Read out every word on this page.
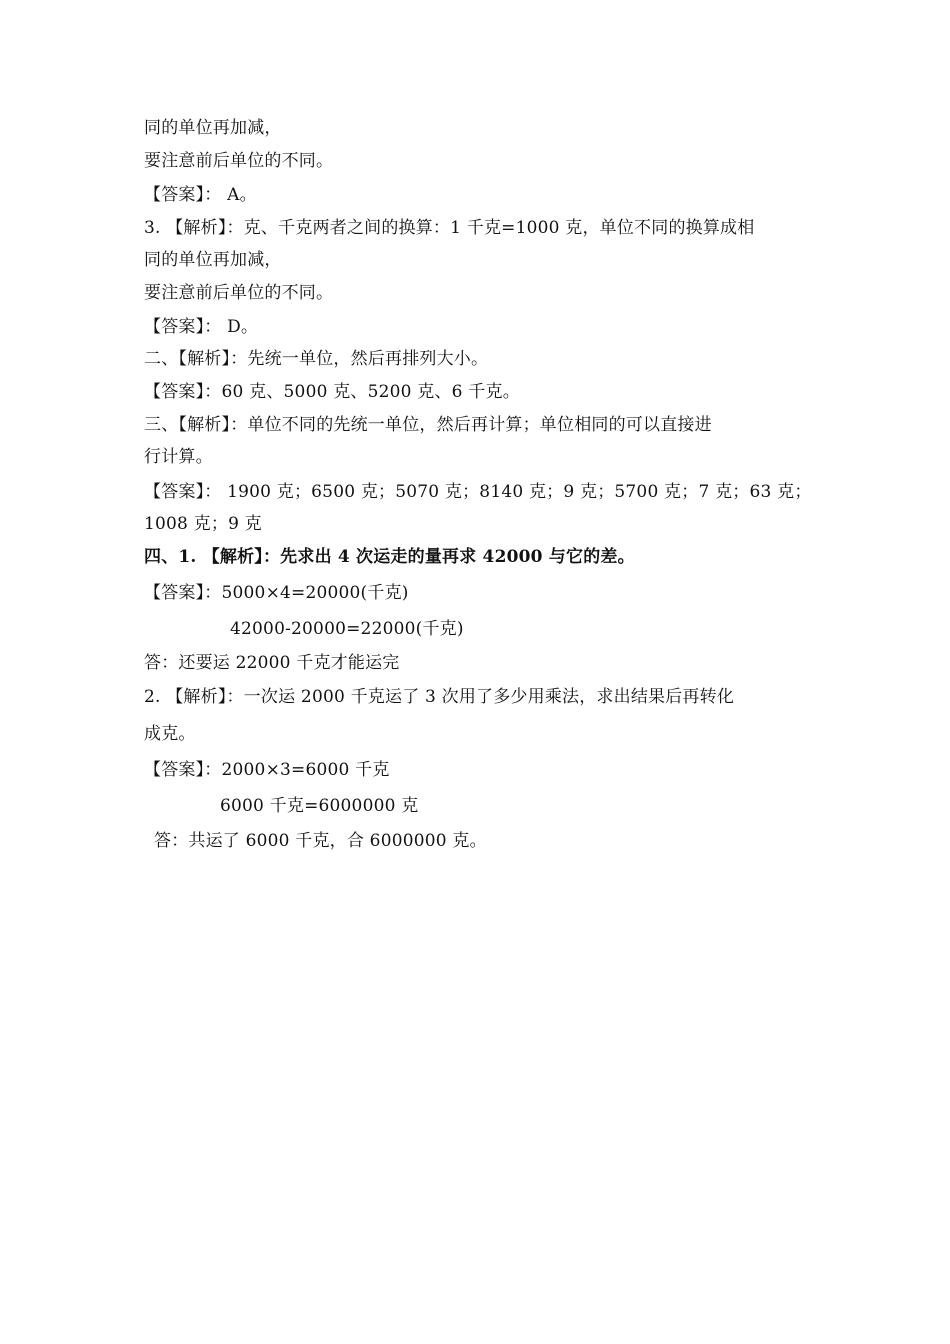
同的单位再加减，
要注意前后单位的不同。
【答案】： A。
3. 【解析】：克、千克两者之间的换算：1 千克=1000 克，单位不同的换算成相
同的单位再加减，
要注意前后单位的不同。
【答案】： D。
二、【解析】：先统一单位，然后再排列大小。
【答案】：60 克、5000 克、5200 克、6 千克。
三、【解析】：单位不同的先统一单位，然后再计算；单位相同的可以直接进
行计算。
【答案】： 1900 克；6500 克；5070 克；8140 克；9 克；5700 克；7 克；63 克；
1008 克；9 克
四、1. 【解析】：先求出 4 次运走的量再求 42000 与它的差。
【答案】：5000×4=20000(千克)
42000-20000=22000(千克)
答：还要运 22000 千克才能运完
2. 【解析】：一次运 2000 千克运了 3 次用了多少用乘法，求出结果后再转化
成克。
【答案】：2000×3=6000 千克
6000 千克=6000000 克
答：共运了 6000 千克，合 6000000 克。
